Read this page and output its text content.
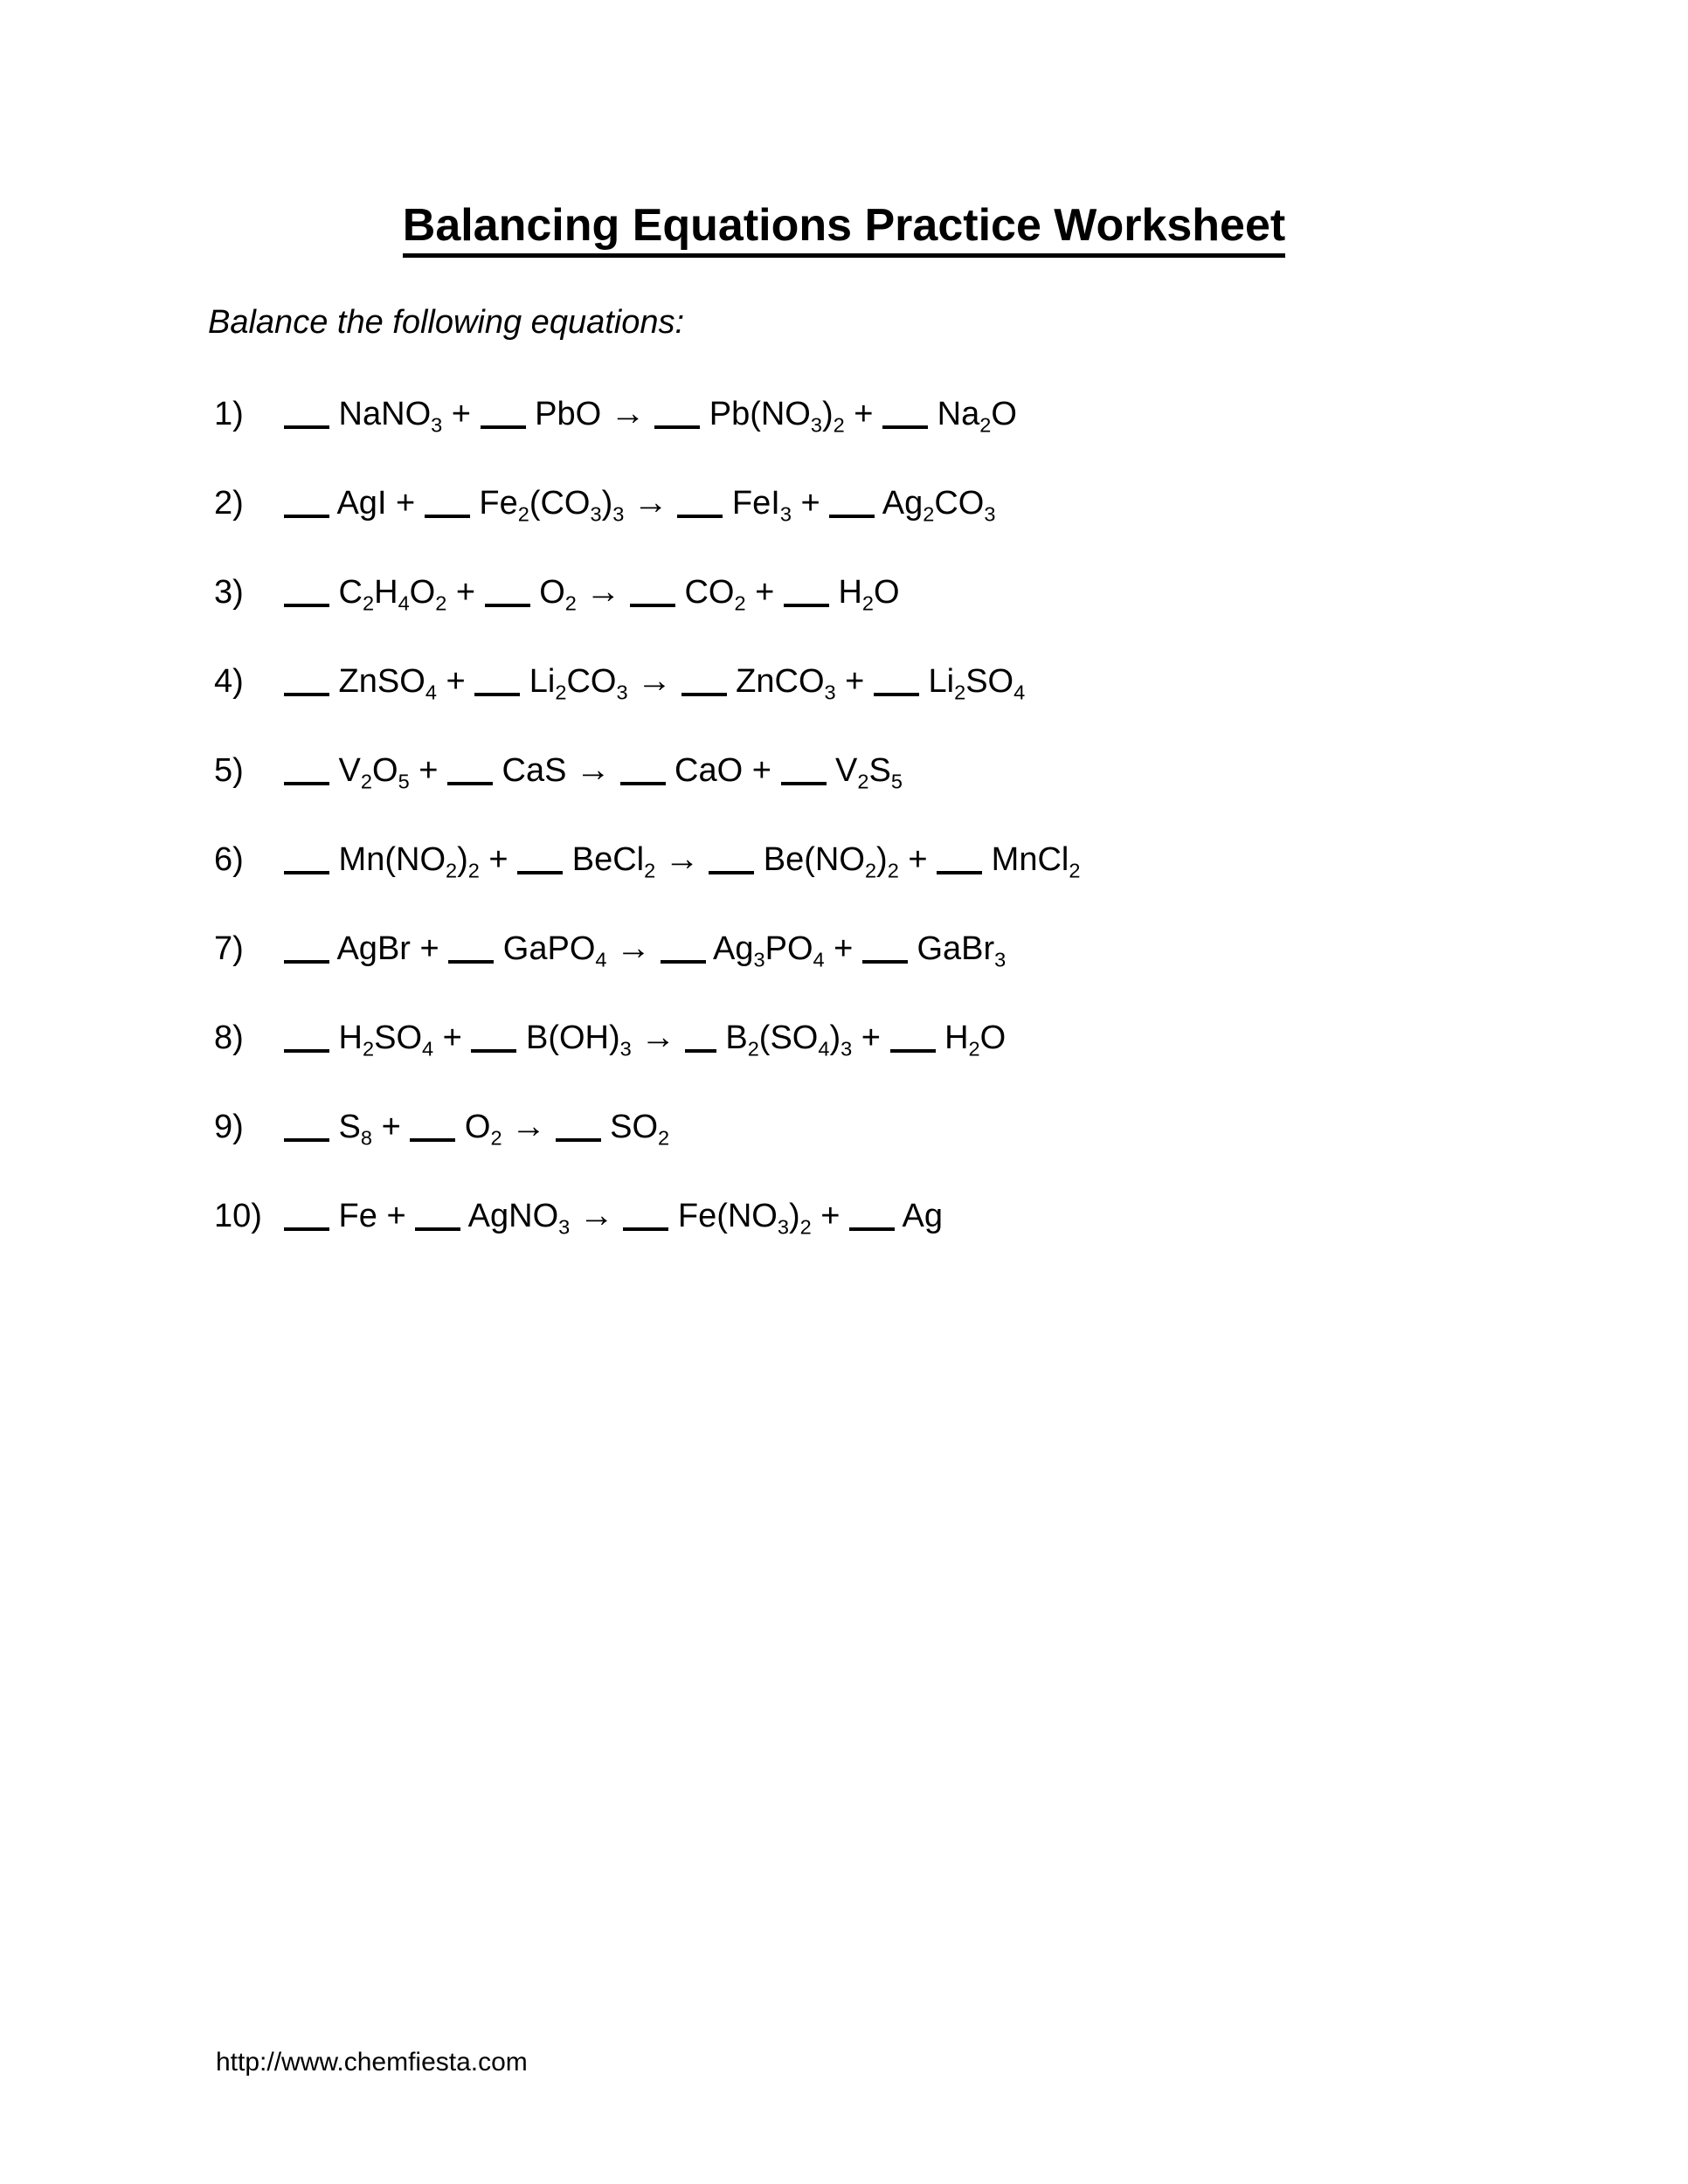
Balancing Equations Practice Worksheet

Balance the following equations:

1)	NaNO$_3$ +  PbO →  $Pb(NO_3)_2 + Na_2O$
2)	AgI +  $Fe_2(CO_3)_3 \to FeI_3 + Ag_2CO_3$
3)	$C_2H_4O_2 + O_2 \to CO_2 + H_2O$
4)	ZnSO$_4$ +  $Li_2CO_3$ →  ZnCO$_3$ +  $Li_2SO_4$
5)	$V_2O_5$ +  CaS →  CaO +  $V_2S_5$
6)	$Mn(NO_2)_2$ +  BeCl$_2$ →  $Be(NO_2)_2$ +  MnCl$_2$
7)	AgBr +  GaPO$_4$ →  $Ag_3PO_4$ +  GaBr$_3$
8)	$H_2SO_4 + B(OH)_3 \to B_2(SO_4)_3 + H_2O$
9)	$S_8 + O_2 \to SO_2$
10)	Fe +  AgNO$_3$ →  $Fe(NO_3)_2 + Ag$
http://www.chemfiesta.com
